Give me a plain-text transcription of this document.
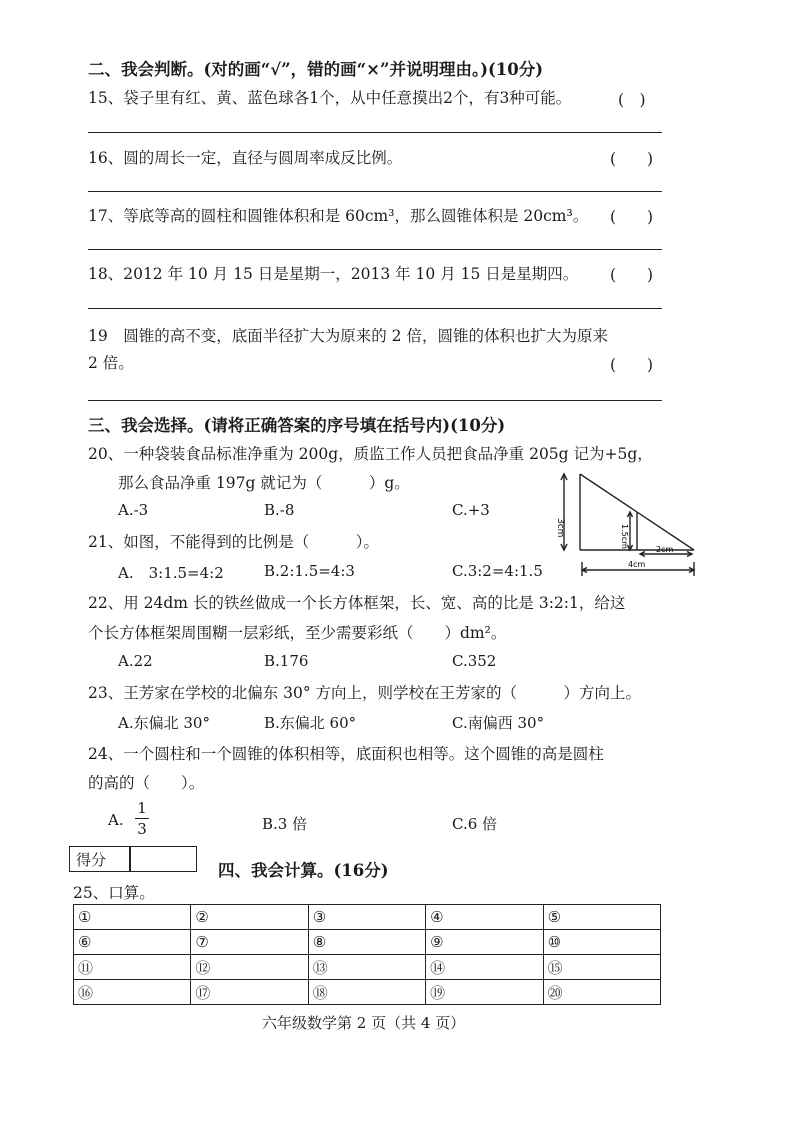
二、我会判断。(对的画“√”，错的画“×”并说明理由。)(10分)
15、袋子里有红、黄、蓝色球各1个，从中任意摸出2个，有3种可能。	(　)
16、圆的周长一定，直径与圆周率成反比例。	(　　)
17、等底等高的圆柱和圆锥体积和是 60cm³，那么圆锥体积是 20cm³。 (　　)
18、2012 年 10 月 15 日是星期一，2013 年 10 月 15 日是星期四。 (　　)
19　圆锥的高不变，底面半径扩大为原来的 2 倍，圆锥的体积也扩大为原来
2 倍。	(　　)
三、我会选择。(请将正确答案的序号填在括号内)(10分)
20、一种袋装食品标准净重为 200g，质监工作人员把食品净重 205g 记为+5g，
那么食品净重 197g 就记为（　　　）g。
A.-3	B.-8	C.+3
21、如图，不能得到的比例是（　　　）。
A.　3:1.5=4:2	B.2:1.5=4:3	C.3:2=4:1.5
3cm	1.5cm
2cm
4cm
22、用 24dm 长的铁丝做成一个长方体框架，长、宽、高的比是 3:2:1，给这
个长方体框架周围糊一层彩纸，至少需要彩纸（　　）dm²。
A.22	B.176	C.352
23、王芳家在学校的北偏东 30° 方向上，则学校在王芳家的（　　　）方向上。
A.东偏北 30°	B.东偏北 60°	C.南偏西 30°
24、一个圆柱和一个圆锥的体积相等，底面积也相等。这个圆锥的高是圆柱
的高的（　　）。
A.
1
3	B.3 倍	C.6 倍
得分
四、我会计算。(16分)
25、口算。
①	②	③	④	⑤
⑥	⑦	⑧	⑨	⑩
⑪	⑫	⑬	⑭	⑮
⑯	⑰	⑱	⑲	⑳
六年级数学第 2 页（共 4 页）
